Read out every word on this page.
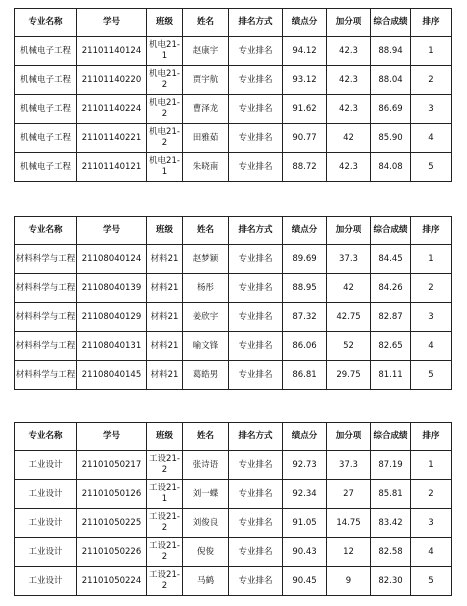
专业名称	学号	班级	姓名	排名方式	绩点分	加分项	综合成绩	排序
机械电子工程	21101140124	机电21-1	赵康宇	专业排名	94.12	42.3	88.94	1
机械电子工程	21101140220	机电21-2	贾宇航	专业排名	93.12	42.3	88.04	2
机械电子工程	21101140224	机电21-2	曹泽龙	专业排名	91.62	42.3	86.69	3
机械电子工程	21101140221	机电21-2	田雅茹	专业排名	90.77	42	85.90	4
机械电子工程	21101140121	机电21-1	朱晓南	专业排名	88.72	42.3	84.08	5
专业名称	学号	班级	姓名	排名方式	绩点分	加分项	综合成绩	排序
材料科学与工程	21108040124	材料21	赵梦颖	专业排名	89.69	37.3	84.45	1
材料科学与工程	21108040139	材料21	杨彤	专业排名	88.95	42	84.26	2
材料科学与工程	21108040129	材料21	姜欣宇	专业排名	87.32	42.75	82.87	3
材料科学与工程	21108040131	材料21	喻文锋	专业排名	86.06	52	82.65	4
材料科学与工程	21108040145	材料21	葛皓男	专业排名	86.81	29.75	81.11	5
专业名称	学号	班级	姓名	排名方式	绩点分	加分项	综合成绩	排序
工业设计	21101050217	工设21-2	张诗语	专业排名	92.73	37.3	87.19	1
工业设计	21101050126	工设21-1	刘一蝶	专业排名	92.34	27	85.81	2
工业设计	21101050225	工设21-2	刘俊良	专业排名	91.05	14.75	83.42	3
工业设计	21101050226	工设21-2	倪俊	专业排名	90.43	12	82.58	4
工业设计	21101050224	工设21-2	马鹤	专业排名	90.45	9	82.30	5
